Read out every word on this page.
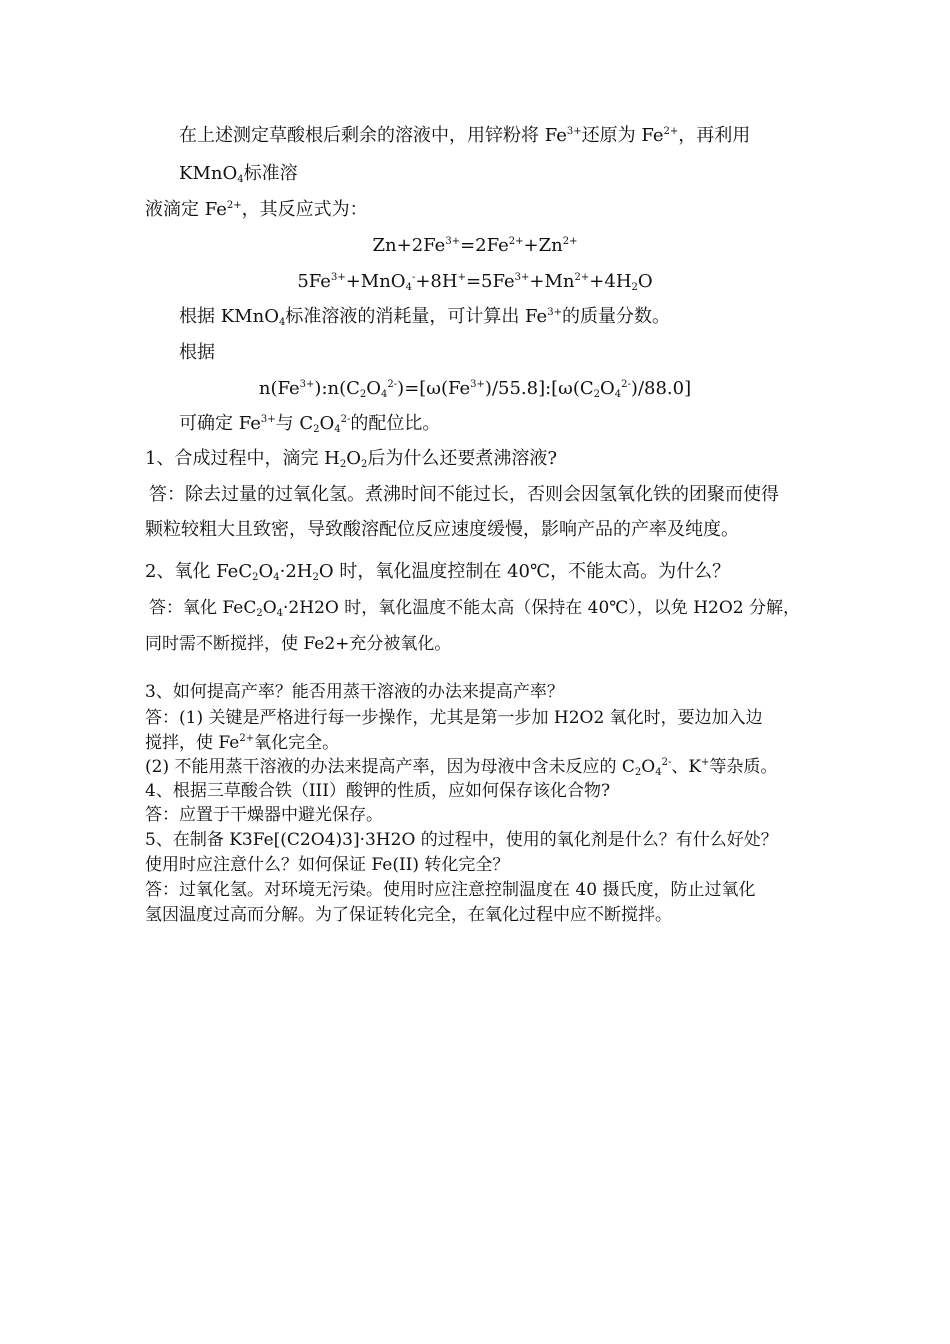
在上述测定草酸根后剩余的溶液中，用锌粉将 $Fe^{3+}$还原为 $Fe^{2+}$，再利用
KMnO$_4$标准溶
液滴定 $Fe^{2+}$，其反应式为：
$Zn+2Fe^{3+}=2Fe^{2+}+Zn^{2+}$
$5Fe^{3+}+MnO_4^-+8H^+=5Fe^{3+}+Mn^{2+}+4H_2O$
根据 KMnO$_4$标准溶液的消耗量，可计算出 $Fe^{3+}$的质量分数。
根据
$n(Fe^{3+}):n(C_2O_4^{2-})=[\omega(Fe^{3+})/55.8]:[\omega(C_2O_4^{2-})/88.0]$
可确定 $Fe^{3+}$与 $C_2O_4^{2-}$的配位比。
1、合成过程中，滴完 $H_2O_2$后为什么还要煮沸溶液?
答：除去过量的过氧化氢。煮沸时间不能过长，否则会因氢氧化铁的团聚而使得
颗粒较粗大且致密，导致酸溶配位反应速度缓慢，影响产品的产率及纯度。
2、氧化 $FeC_2O_4\cdot 2H_2O$ 时，氧化温度控制在 40℃，不能太高。为什么？
答：氧化 $FeC_2O_4\cdot 2H2O$ 时，氧化温度不能太高（保持在 40℃），以免 H2O2 分解，
同时需不断搅拌，使 Fe2+充分被氧化。
3、如何提高产率？能否用蒸干溶液的办法来提高产率？
答：(1) 关键是严格进行每一步操作，尤其是第一步加 H2O2 氧化时，要边加入边
搅拌，使 $Fe^{2+}$氧化完全。
(2) 不能用蒸干溶液的办法来提高产率，因为母液中含未反应的 $C_2O_4^{2-}$、K+等杂质。
4、根据三草酸合铁（III）酸钾的性质，应如何保存该化合物?
答：应置于干燥器中避光保存。
5、在制备 K3Fe[(C2O4)3]·3H2O 的过程中，使用的氧化剂是什么？有什么好处？
使用时应注意什么？如何保证 Fe(II) 转化完全？
答：过氧化氢。对环境无污染。使用时应注意控制温度在 40 摄氏度，防止过氧化
氢因温度过高而分解。为了保证转化完全，在氧化过程中应不断搅拌。
